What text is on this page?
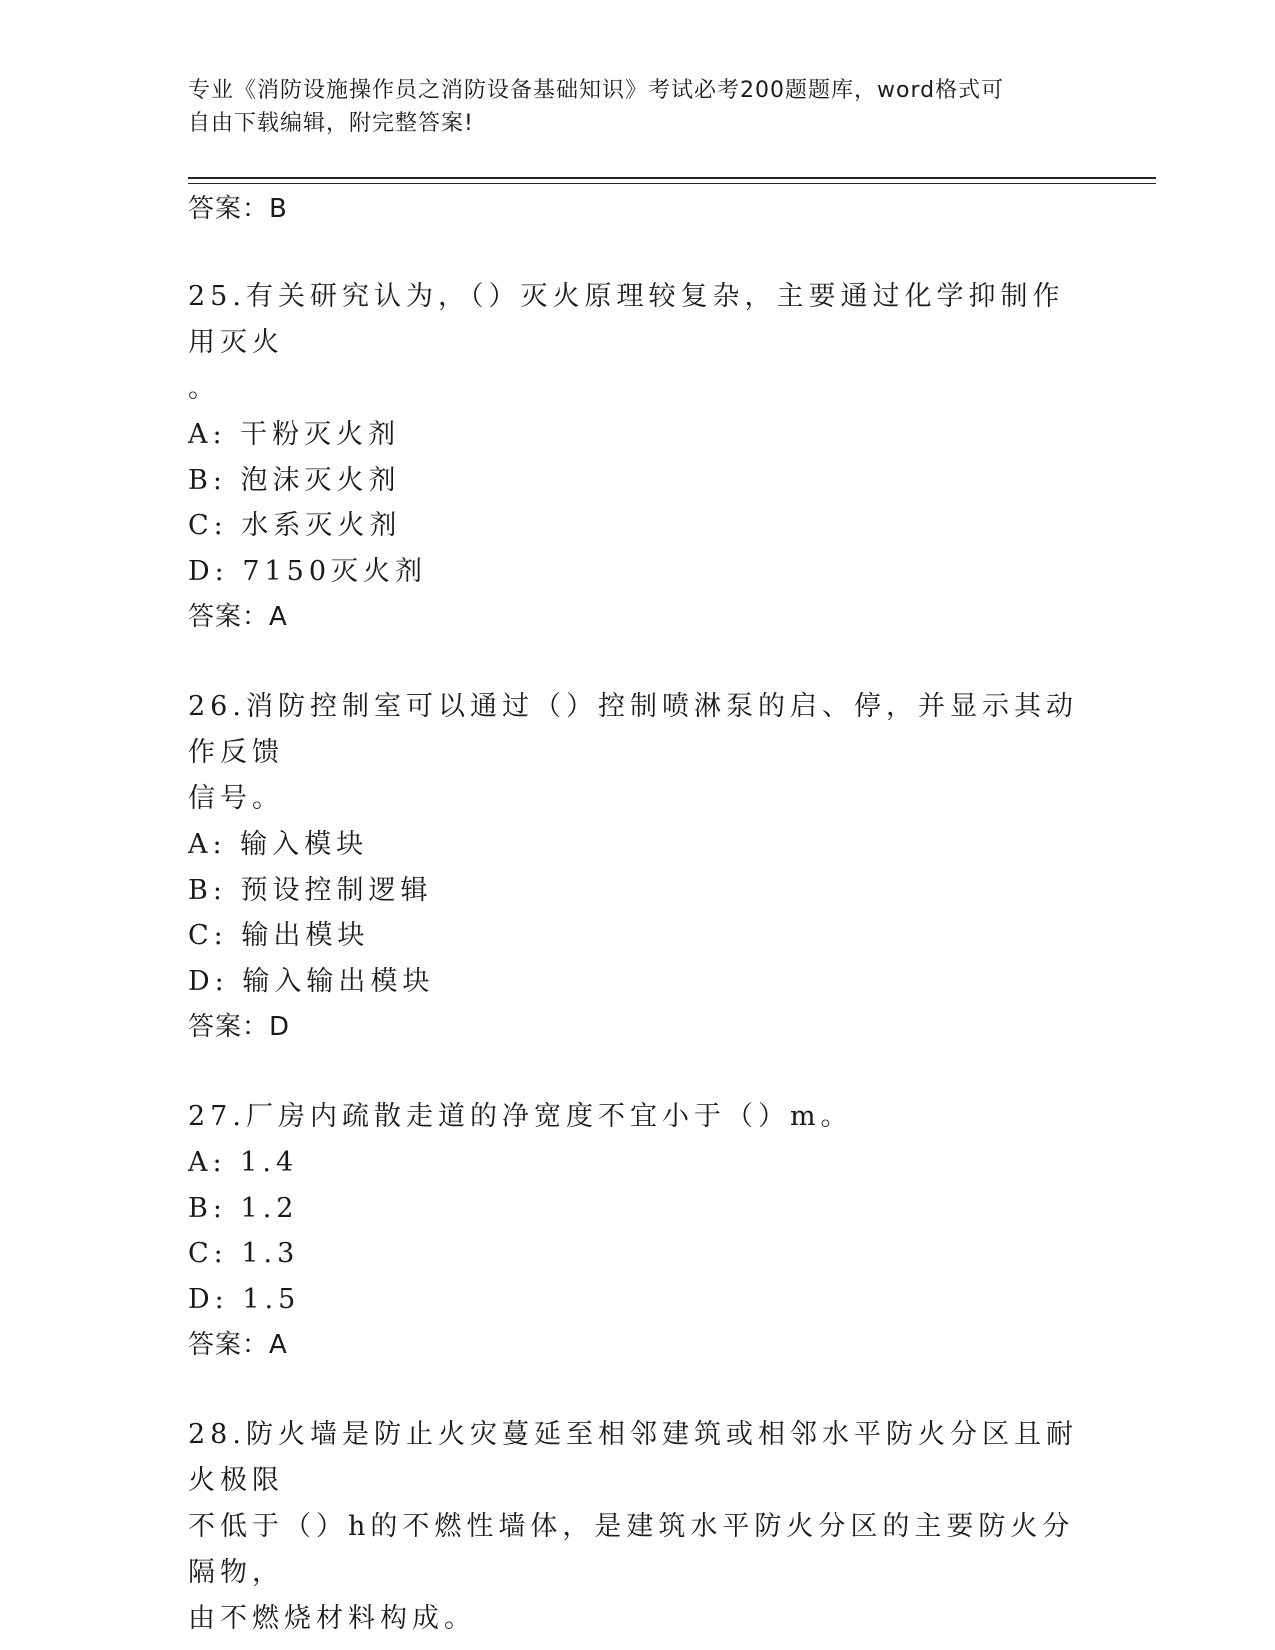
专业《消防设施操作员之消防设备基础知识》考试必考200题题库，word格式可
自由下载编辑，附完整答案!

答案：B

25.有关研究认为，（）灭火原理较复杂，主要通过化学抑制作用灭火

。

A: 干粉灭火剂

B: 泡沫灭火剂

C: 水系灭火剂

D: 7150灭火剂

答案：A

26.消防控制室可以通过（）控制喷淋泵的启、停，并显示其动作反馈

信号。

A: 输入模块

B: 预设控制逻辑

C: 输出模块

D: 输入输出模块

答案：D

27.厂房内疏散走道的净宽度不宜小于（）m。

A: 1.4

B: 1.2

C: 1.3

D: 1.5

答案：A

28.防火墙是防止火灾蔓延至相邻建筑或相邻水平防火分区且耐火极限

不低于（）h的不燃性墙体，是建筑水平防火分区的主要防火分隔物，

由不燃烧材料构成。
